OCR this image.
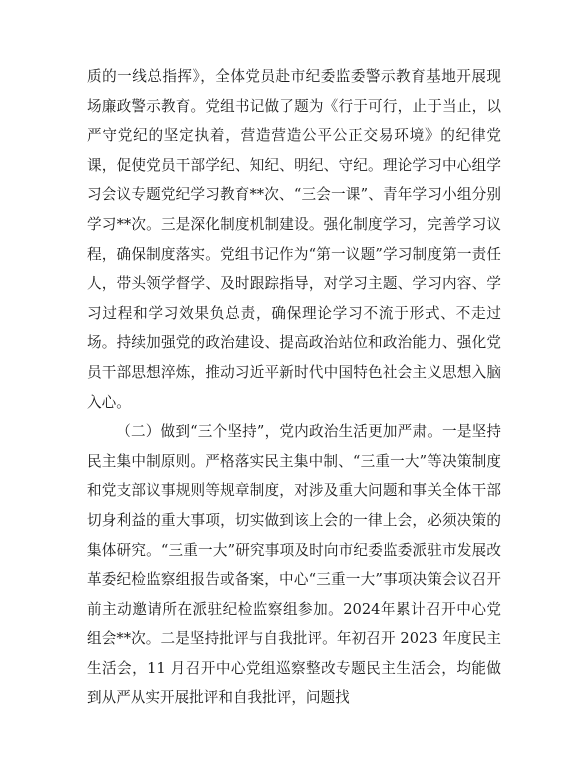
质的一线总指挥》，全体党员赴市纪委监委警示教育基地开展现场廉政警示教育。党组书记做了题为《行于可行，止于当止，以严守党纪的坚定执着，营造营造公平公正交易环境》的纪律党课，促使党员干部学纪、知纪、明纪、守纪。理论学习中心组学习会议专题党纪学习教育**次、“三会一课”、青年学习小组分别学习**次。三是深化制度机制建设。强化制度学习，完善学习议程，确保制度落实。党组书记作为“第一议题”学习制度第一责任人，带头领学督学、及时跟踪指导，对学习主题、学习内容、学习过程和学习效果负总责，确保理论学习不流于形式、不走过场。持续加强党的政治建设、提高政治站位和政治能力、强化党员干部思想淬炼，推动习近平新时代中国特色社会主义思想入脑入心。

（二）做到“三个坚持”，党内政治生活更加严肃。一是坚持民主集中制原则。严格落实民主集中制、“三重一大”等决策制度和党支部议事规则等规章制度，对涉及重大问题和事关全体干部切身利益的重大事项，切实做到该上会的一律上会，必须决策的集体研究。“三重一大”研究事项及时向市纪委监委派驻市发展改革委纪检监察组报告或备案，中心“三重一大”事项决策会议召开前主动邀请所在派驻纪检监察组参加。2024年累计召开中心党组会**次。二是坚持批评与自我批评。年初召开 2023 年度民主生活会，11 月召开中心党组巡察整改专题民主生活会，均能做到从严从实开展批评和自我批评，问题找
